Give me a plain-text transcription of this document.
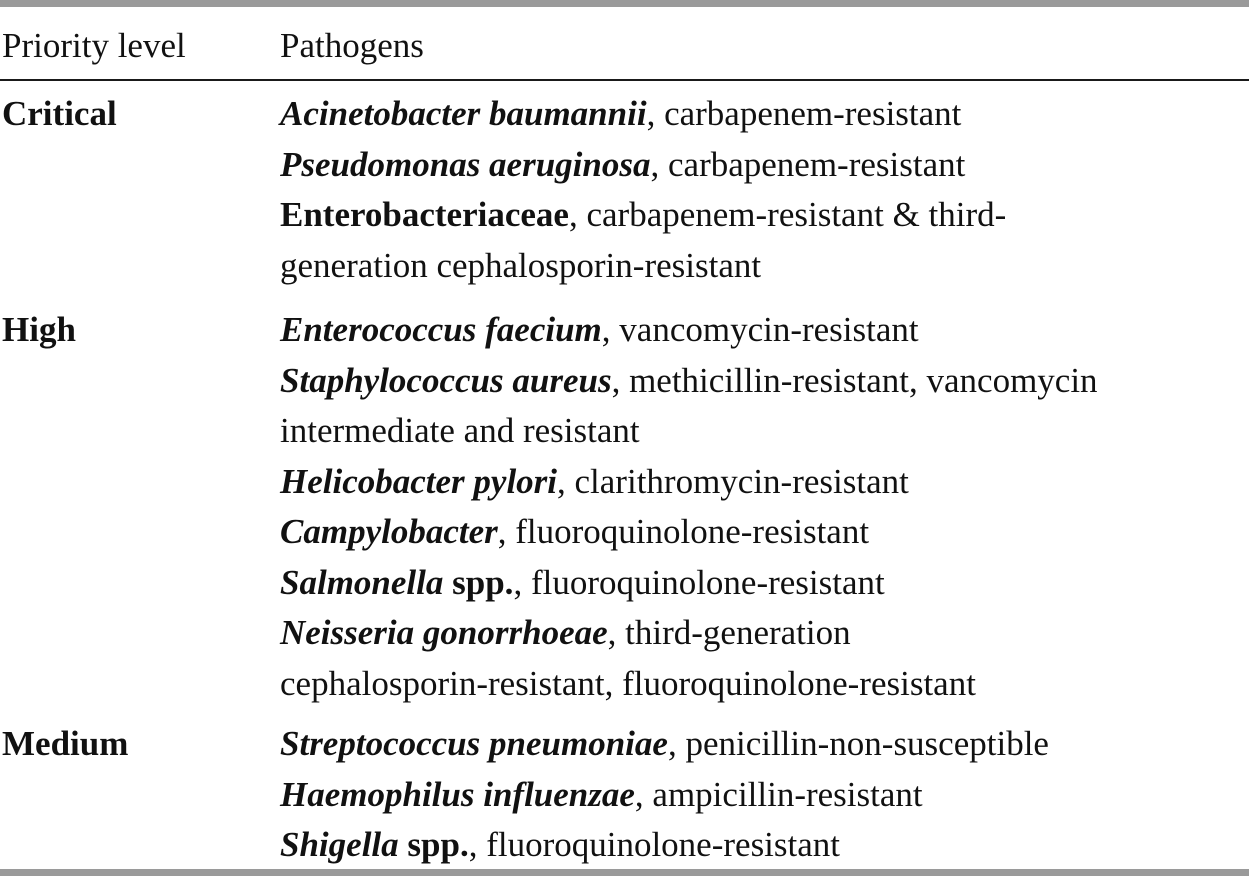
Priority level	Pathogens
Critical	Acinetobacter baumannii, carbapenem-resistant
Pseudomonas aeruginosa, carbapenem-resistant
Enterobacteriaceae, carbapenem-resistant & third-
generation cephalosporin-resistant
High	Enterococcus faecium, vancomycin-resistant
Staphylococcus aureus, methicillin-resistant, vancomycin
intermediate and resistant
Helicobacter pylori, clarithromycin-resistant
Campylobacter, fluoroquinolone-resistant
Salmonella spp., fluoroquinolone-resistant
Neisseria gonorrhoeae, third-generation
cephalosporin-resistant, fluoroquinolone-resistant
Medium	Streptococcus pneumoniae, penicillin-non-susceptible
Haemophilus influenzae, ampicillin-resistant
Shigella spp., fluoroquinolone-resistant
